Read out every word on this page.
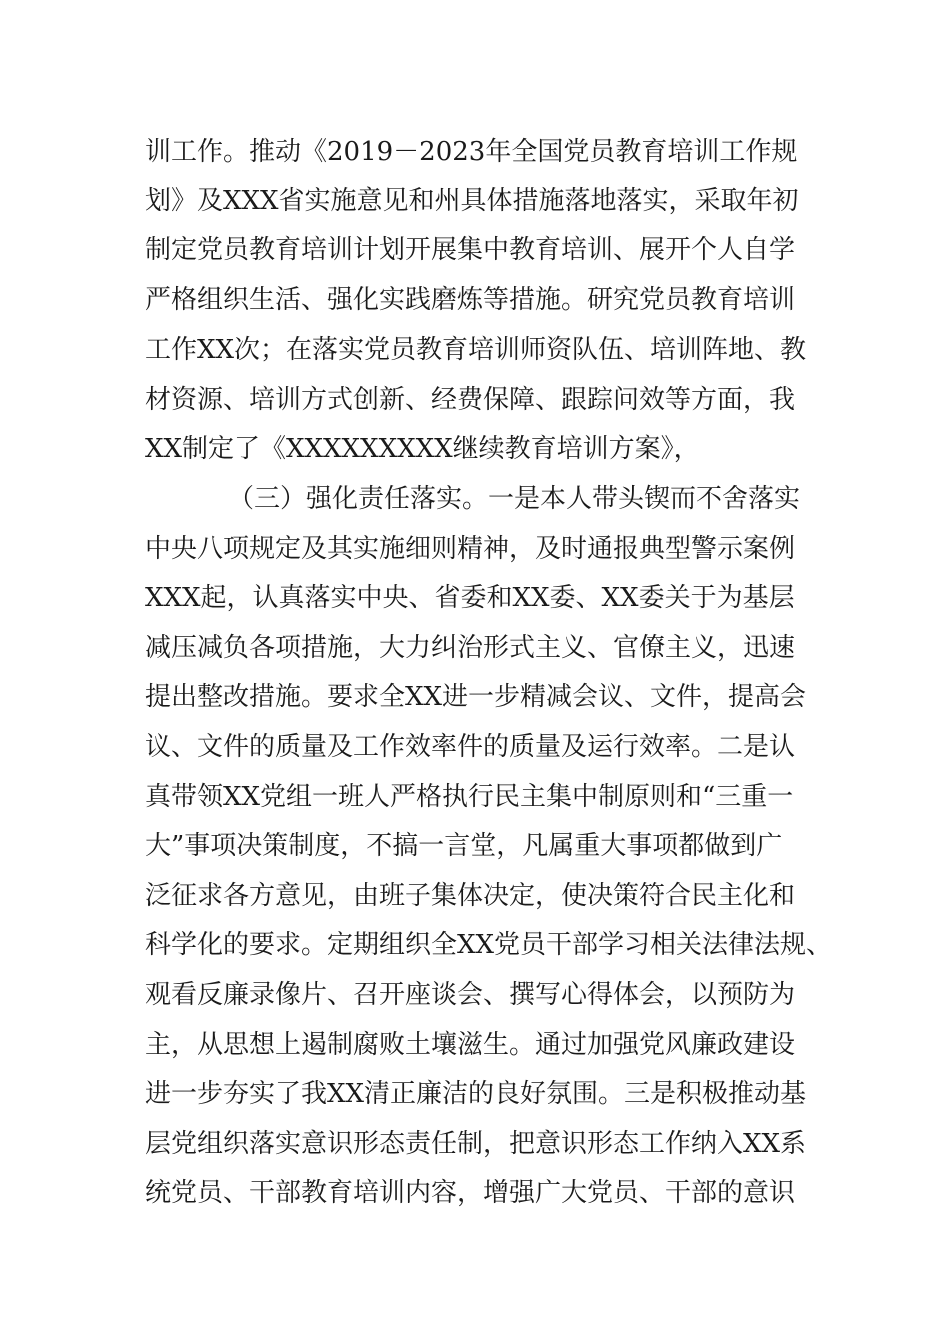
训工作。推动《2019－2023年全国党员教育培训工作规
划》及XXX省实施意见和州具体措施落地落实，采取年初
制定党员教育培训计划开展集中教育培训、展开个人自学
严格组织生活、强化实践磨炼等措施。研究党员教育培训
工作XX次；在落实党员教育培训师资队伍、培训阵地、教
材资源、培训方式创新、经费保障、跟踪问效等方面，我
XX制定了《XXXXXXXXX继续教育培训方案》，
（三）强化责任落实。一是本人带头锲而不舍落实
中央八项规定及其实施细则精神，及时通报典型警示案例
XXX起，认真落实中央、省委和XX委、XX委关于为基层
减压减负各项措施，大力纠治形式主义、官僚主义，迅速
提出整改措施。要求全XX进一步精减会议、文件，提高会
议、文件的质量及工作效率件的质量及运行效率。二是认
真带领XX党组一班人严格执行民主集中制原则和“三重一
大”事项决策制度，不搞一言堂，凡属重大事项都做到广
泛征求各方意见，由班子集体决定，使决策符合民主化和
科学化的要求。定期组织全XX党员干部学习相关法律法规、
观看反廉录像片、召开座谈会、撰写心得体会，以预防为
主，从思想上遏制腐败土壤滋生。通过加强党风廉政建设
进一步夯实了我XX清正廉洁的良好氛围。三是积极推动基
层党组织落实意识形态责任制，把意识形态工作纳入XX系
统党员、干部教育培训内容，增强广大党员、干部的意识
